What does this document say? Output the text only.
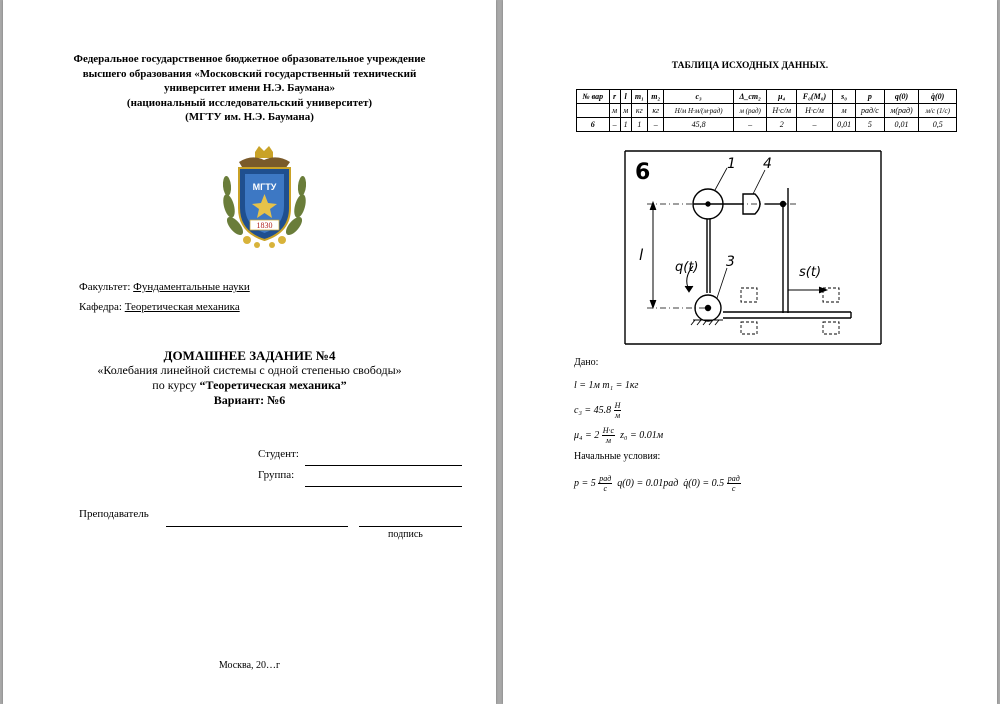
Федеральное государственное бюджетное образовательное учреждение
высшего образования «Московский государственный технический
университет имени Н.Э. Баумана»
(национальный исследовательский университет)
(МГТУ им. Н.Э. Баумана)
МГТУ
1830
Факультет: Фундаментальные науки
Кафедра: Теоретическая механика
ДОМАШНЕЕ ЗАДАНИЕ №4
«Колебания линейной системы с одной степенью свободы»
по курсу “Теоретическая механика”
Вариант: №6
Студент:
Группа:
Преподаватель
подпись
Москва, 20…г
ТАБЛИЦА ИСХОДНЫХ ДАННЫХ.
№ вар	r	l	m₁	m₂	c₃	Δ_cm₂	μ₄	F₀(M₀)	s₀	p	q(0)	q̇(0)
	м	м	кг	кг	Н/м Н·м/(м·рад)	м (рад)	Н·с/м	Н·с/м	м	рад/с	м(рад)	м/с (1/с)
6	–	1	1	–	45,8	–	2	–	0,01	5	0,01	0,5
6	1 4
3
l
q(t)	s(t)
Дано:
l = 1м m₁ = 1кг
$c_3 = 45.8 \frac{Н}{м}$
$\mu_4 = 2 \frac{Н\cdot с}{м} z_0 = 0.01м$
Начальные условия:
$p = 5 \frac{\text{рад}}{с} q(0) = 0.01рад$ q̇(0) = $0.5 \frac{\text{рад}}{с}$
